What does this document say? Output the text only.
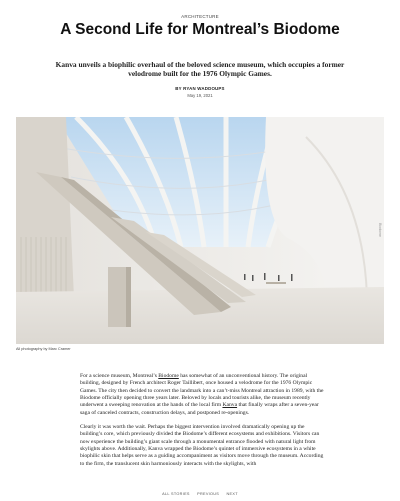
ARCHITECTURE
A Second Life for Montreal’s Biodome

Kanva unveils a biophilic overhaul of the beloved science museum, which occupies a former velodrome built for the 1976 Olympic Games.

BY RYAN WADDOUPS
May 19, 2021
Biodome
All photography by Marc Cramer

For a science museum, Montreal’s Biodome has somewhat of an unconventional history. The original building, designed by French architect Roger Taillibert, once housed a velodrome for the 1976 Olympic Games. The city then decided to convert the landmark into a can’t-miss Montreal attraction in 1989, with the Biodome officially opening three years later. Beloved by locals and tourists alike, the museum recently underwent a sweeping renovation at the hands of the local firm Kanva that finally wraps after a seven-year saga of canceled contracts, construction delays, and postponed re-openings.

Clearly it was worth the wait. Perhaps the biggest intervention involved dramatically opening up the building’s core, which previously divided the Biodome’s different ecosystems and exhibitions. Visitors can now experience the building’s giant scale through a monumental entrance flooded with natural light from skylights above. Additionally, Kanva wrapped the Biodome’s quintet of immersive ecosystems in a white biophilic skin that helps serve as a guiding accompaniment as visitors move through the museum. According to the firm, the translucent skin harmoniously interacts with the skylights, with

ALL STORIES PREVIOUS NEXT
